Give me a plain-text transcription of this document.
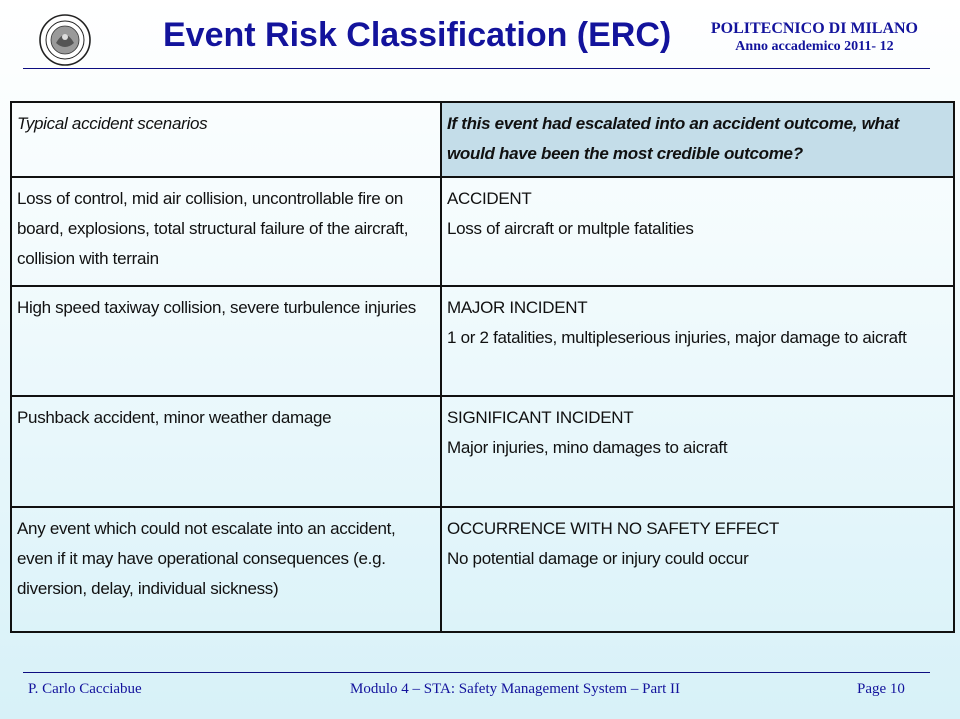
Event Risk Classification (ERC) POLITECNICO DI MILANO
Anno accademico 2011- 12
Typical accident scenarios	If this event had escalated into an accident outcome, what would have been the most credible outcome?
Loss of control, mid air collision, uncontrollable fire on board, explosions, total structural failure of the aircraft, collision with terrain	ACCIDENT
Loss of aircraft or multple fatalities

High speed taxiway collision, severe turbulence injuries	MAJOR INCIDENT
1 or 2 fatalities, multipleserious injuries, major damage to aicraft

Pushback accident, minor weather damage	SIGNIFICANT INCIDENT
Major injuries, mino damages to aicraft

Any event which could not escalate into an accident, even if it may have operational consequences (e.g. diversion, delay, individual sickness)	OCCURRENCE WITH NO SAFETY EFFECT
No potential damage or injury could occur
P. Carlo Cacciabue	Modulo 4 – STA: Safety Management System – Part II	Page 10
